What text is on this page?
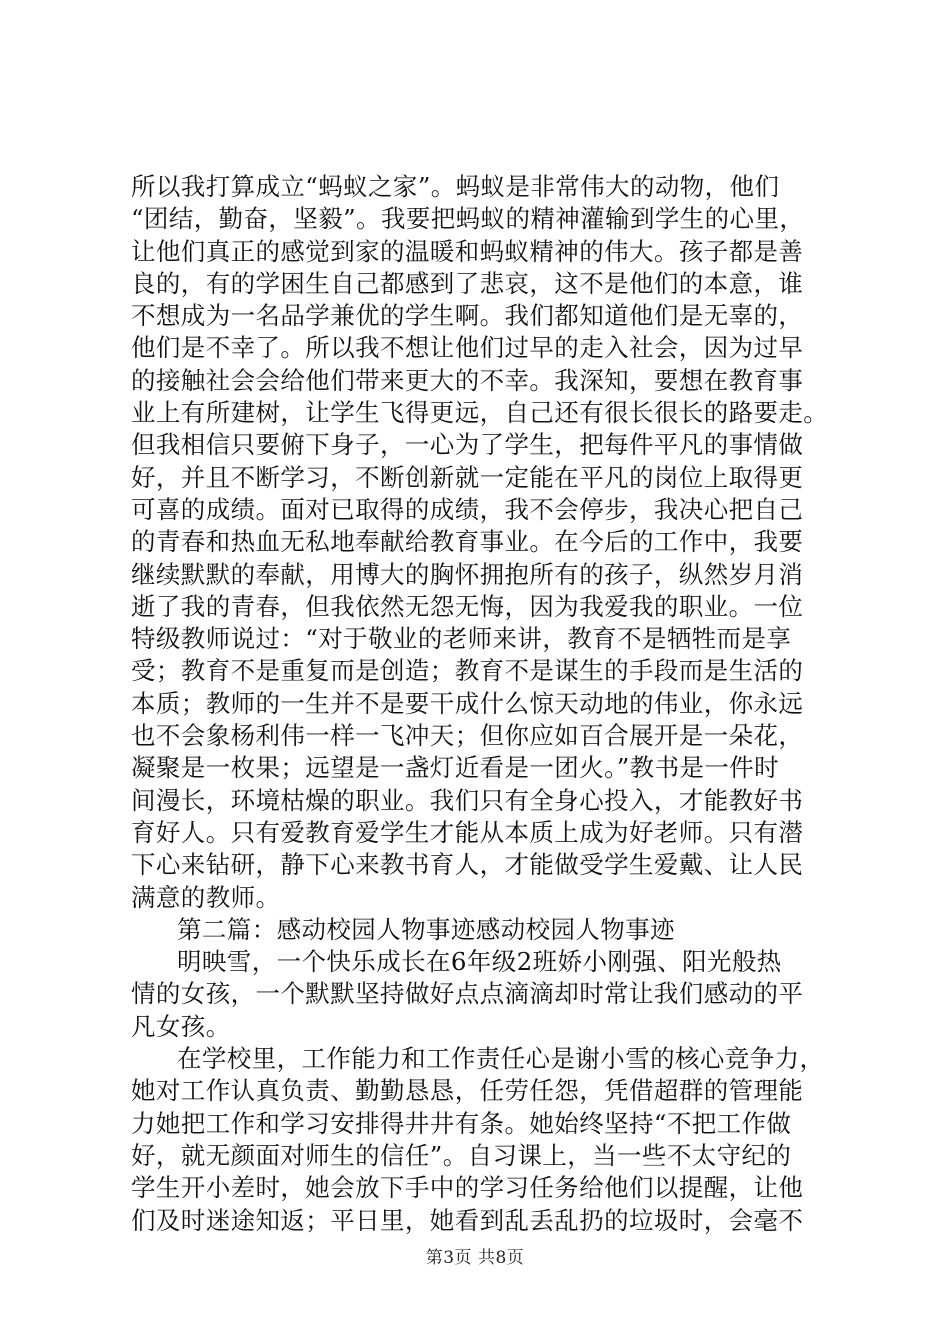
所以我打算成立“蚂蚁之家”。蚂蚁是非常伟大的动物，他们
“团结，勤奋，坚毅”。我要把蚂蚁的精神灌输到学生的心里，
让他们真正的感觉到家的温暖和蚂蚁精神的伟大。孩子都是善
良的，有的学困生自己都感到了悲哀，这不是他们的本意，谁
不想成为一名品学兼优的学生啊。我们都知道他们是无辜的，
他们是不幸了。所以我不想让他们过早的走入社会，因为过早
的接触社会会给他们带来更大的不幸。我深知，要想在教育事
业上有所建树，让学生飞得更远，自己还有很长很长的路要走。
但我相信只要俯下身子，一心为了学生，把每件平凡的事情做
好，并且不断学习，不断创新就一定能在平凡的岗位上取得更
可喜的成绩。面对已取得的成绩，我不会停步，我决心把自己
的青春和热血无私地奉献给教育事业。在今后的工作中，我要
继续默默的奉献，用博大的胸怀拥抱所有的孩子，纵然岁月消
逝了我的青春，但我依然无怨无悔，因为我爱我的职业。一位
特级教师说过：“对于敬业的老师来讲，教育不是牺牲而是享
受；教育不是重复而是创造；教育不是谋生的手段而是生活的
本质；教师的一生并不是要干成什么惊天动地的伟业，你永远
也不会象杨利伟一样一飞冲天；但你应如百合展开是一朵花，
凝聚是一枚果；远望是一盏灯近看是一团火。”教书是一件时
间漫长，环境枯燥的职业。我们只有全身心投入，才能教好书
育好人。只有爱教育爱学生才能从本质上成为好老师。只有潜
下心来钻研，静下心来教书育人，才能做受学生爱戴、让人民
满意的教师。
第二篇：感动校园人物事迹感动校园人物事迹
明映雪，一个快乐成长在6年级2班娇小刚强、阳光般热
情的女孩，一个默默坚持做好点点滴滴却时常让我们感动的平
凡女孩。
在学校里，工作能力和工作责任心是谢小雪的核心竞争力，
她对工作认真负责、勤勤恳恳，任劳任怨，凭借超群的管理能
力她把工作和学习安排得井井有条。她始终坚持“不把工作做
好，就无颜面对师生的信任”。自习课上，当一些不太守纪的
学生开小差时，她会放下手中的学习任务给他们以提醒，让他
们及时迷途知返；平日里，她看到乱丢乱扔的垃圾时，会毫不
第3页 共8页
